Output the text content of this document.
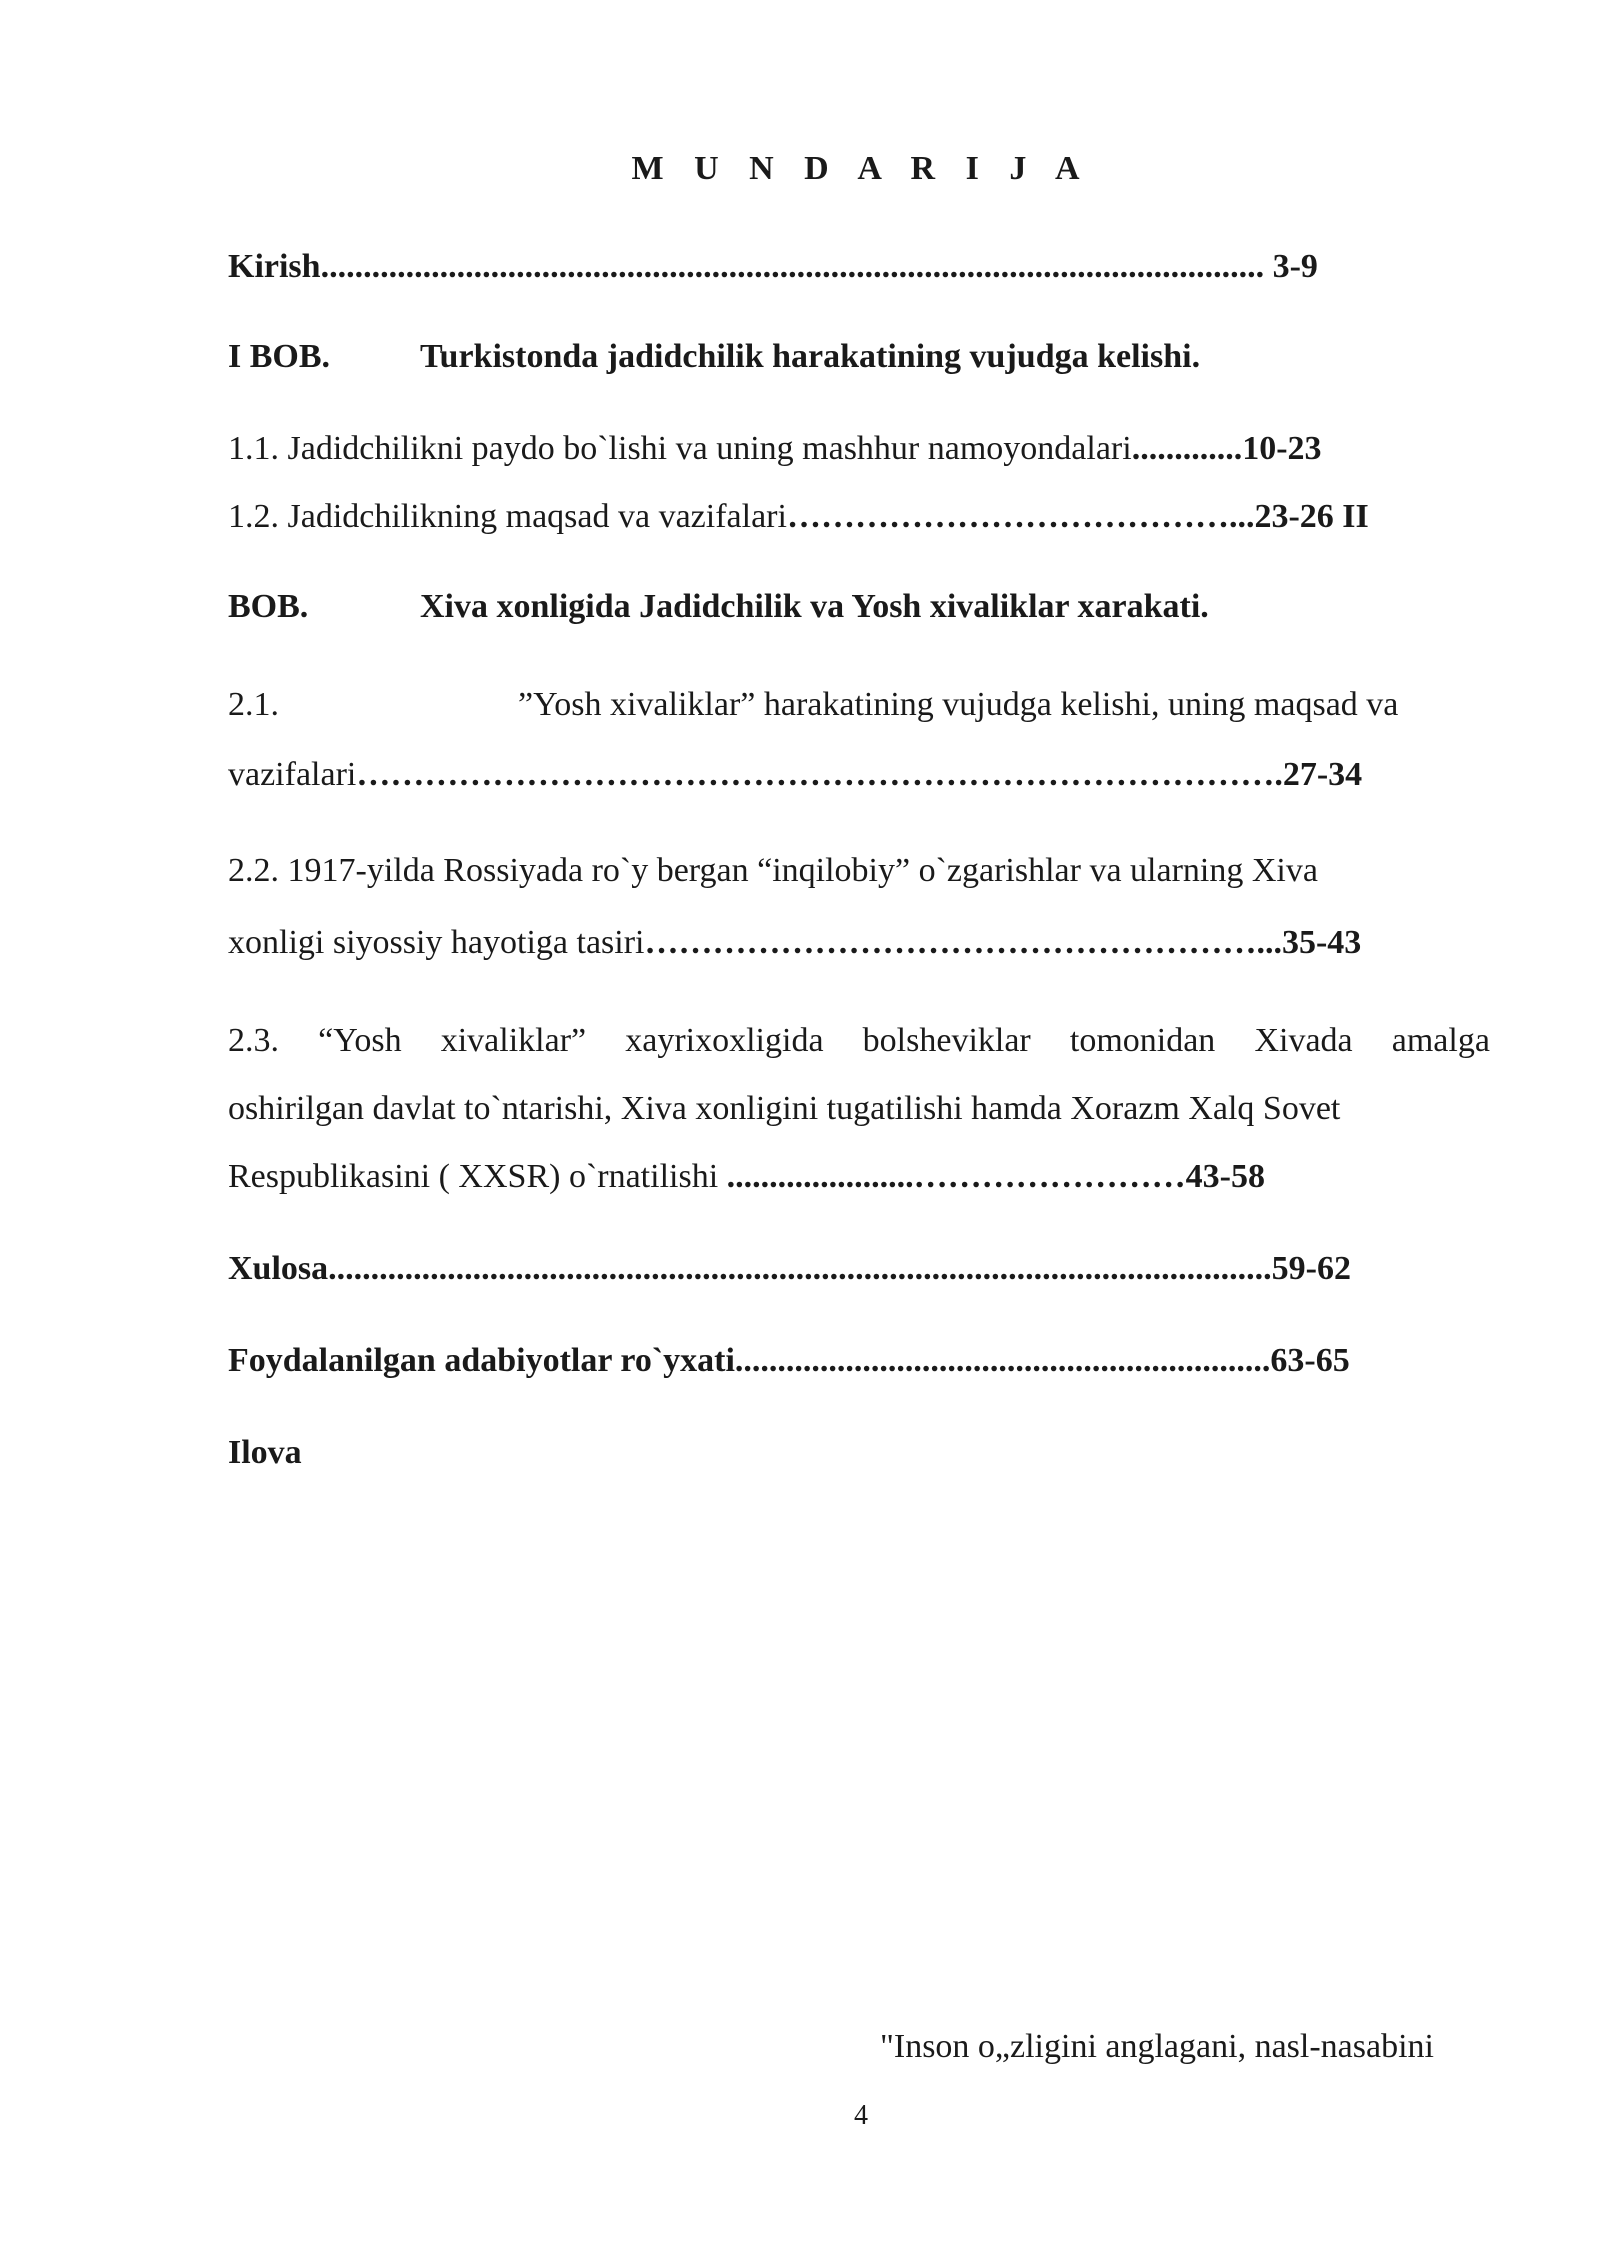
M U N D A R I J A
Kirish............................................................................................................... 3-9
I BOB.	Turkistonda jadidchilik harakatining vujudga kelishi.
1.1. Jadidchilikni paydo bo`lishi va uning mashhur namoyondalari.............10-23
1.2. Jadidchilikning maqsad va vazifalari…………………………………...23-26 II
BOB.	Xiva xonligida Jadidchilik va Yosh xivaliklar xarakati.
2.1.	”Yosh xivaliklar” harakatining vujudga kelishi, uning maqsad va
vazifalari……………………………………………………………………….27-34
2.2. 1917-yilda Rossiyada ro`y bergan “inqilobiy” o`zgarishlar va ularning Xiva
xonligi siyossiy hayotiga tasiri………………………………………………...35-43
2.3. “Yosh xivaliklar” xayrixoxligida bolsheviklar tomonidan Xivada amalga
oshirilgan davlat to`ntarishi, Xiva xonligini tugatilishi hamda Xorazm Xalq Sovet
Respublikasini ( XXSR) o`rnatilishi ......................……………………43-58
Xulosa...............................................................................................................59-62
Foydalanilgan adabiyotlar ro`yxati...............................................................63-65
Ilova
"Inson o„zligini anglagani, nasl-nasabini
4
